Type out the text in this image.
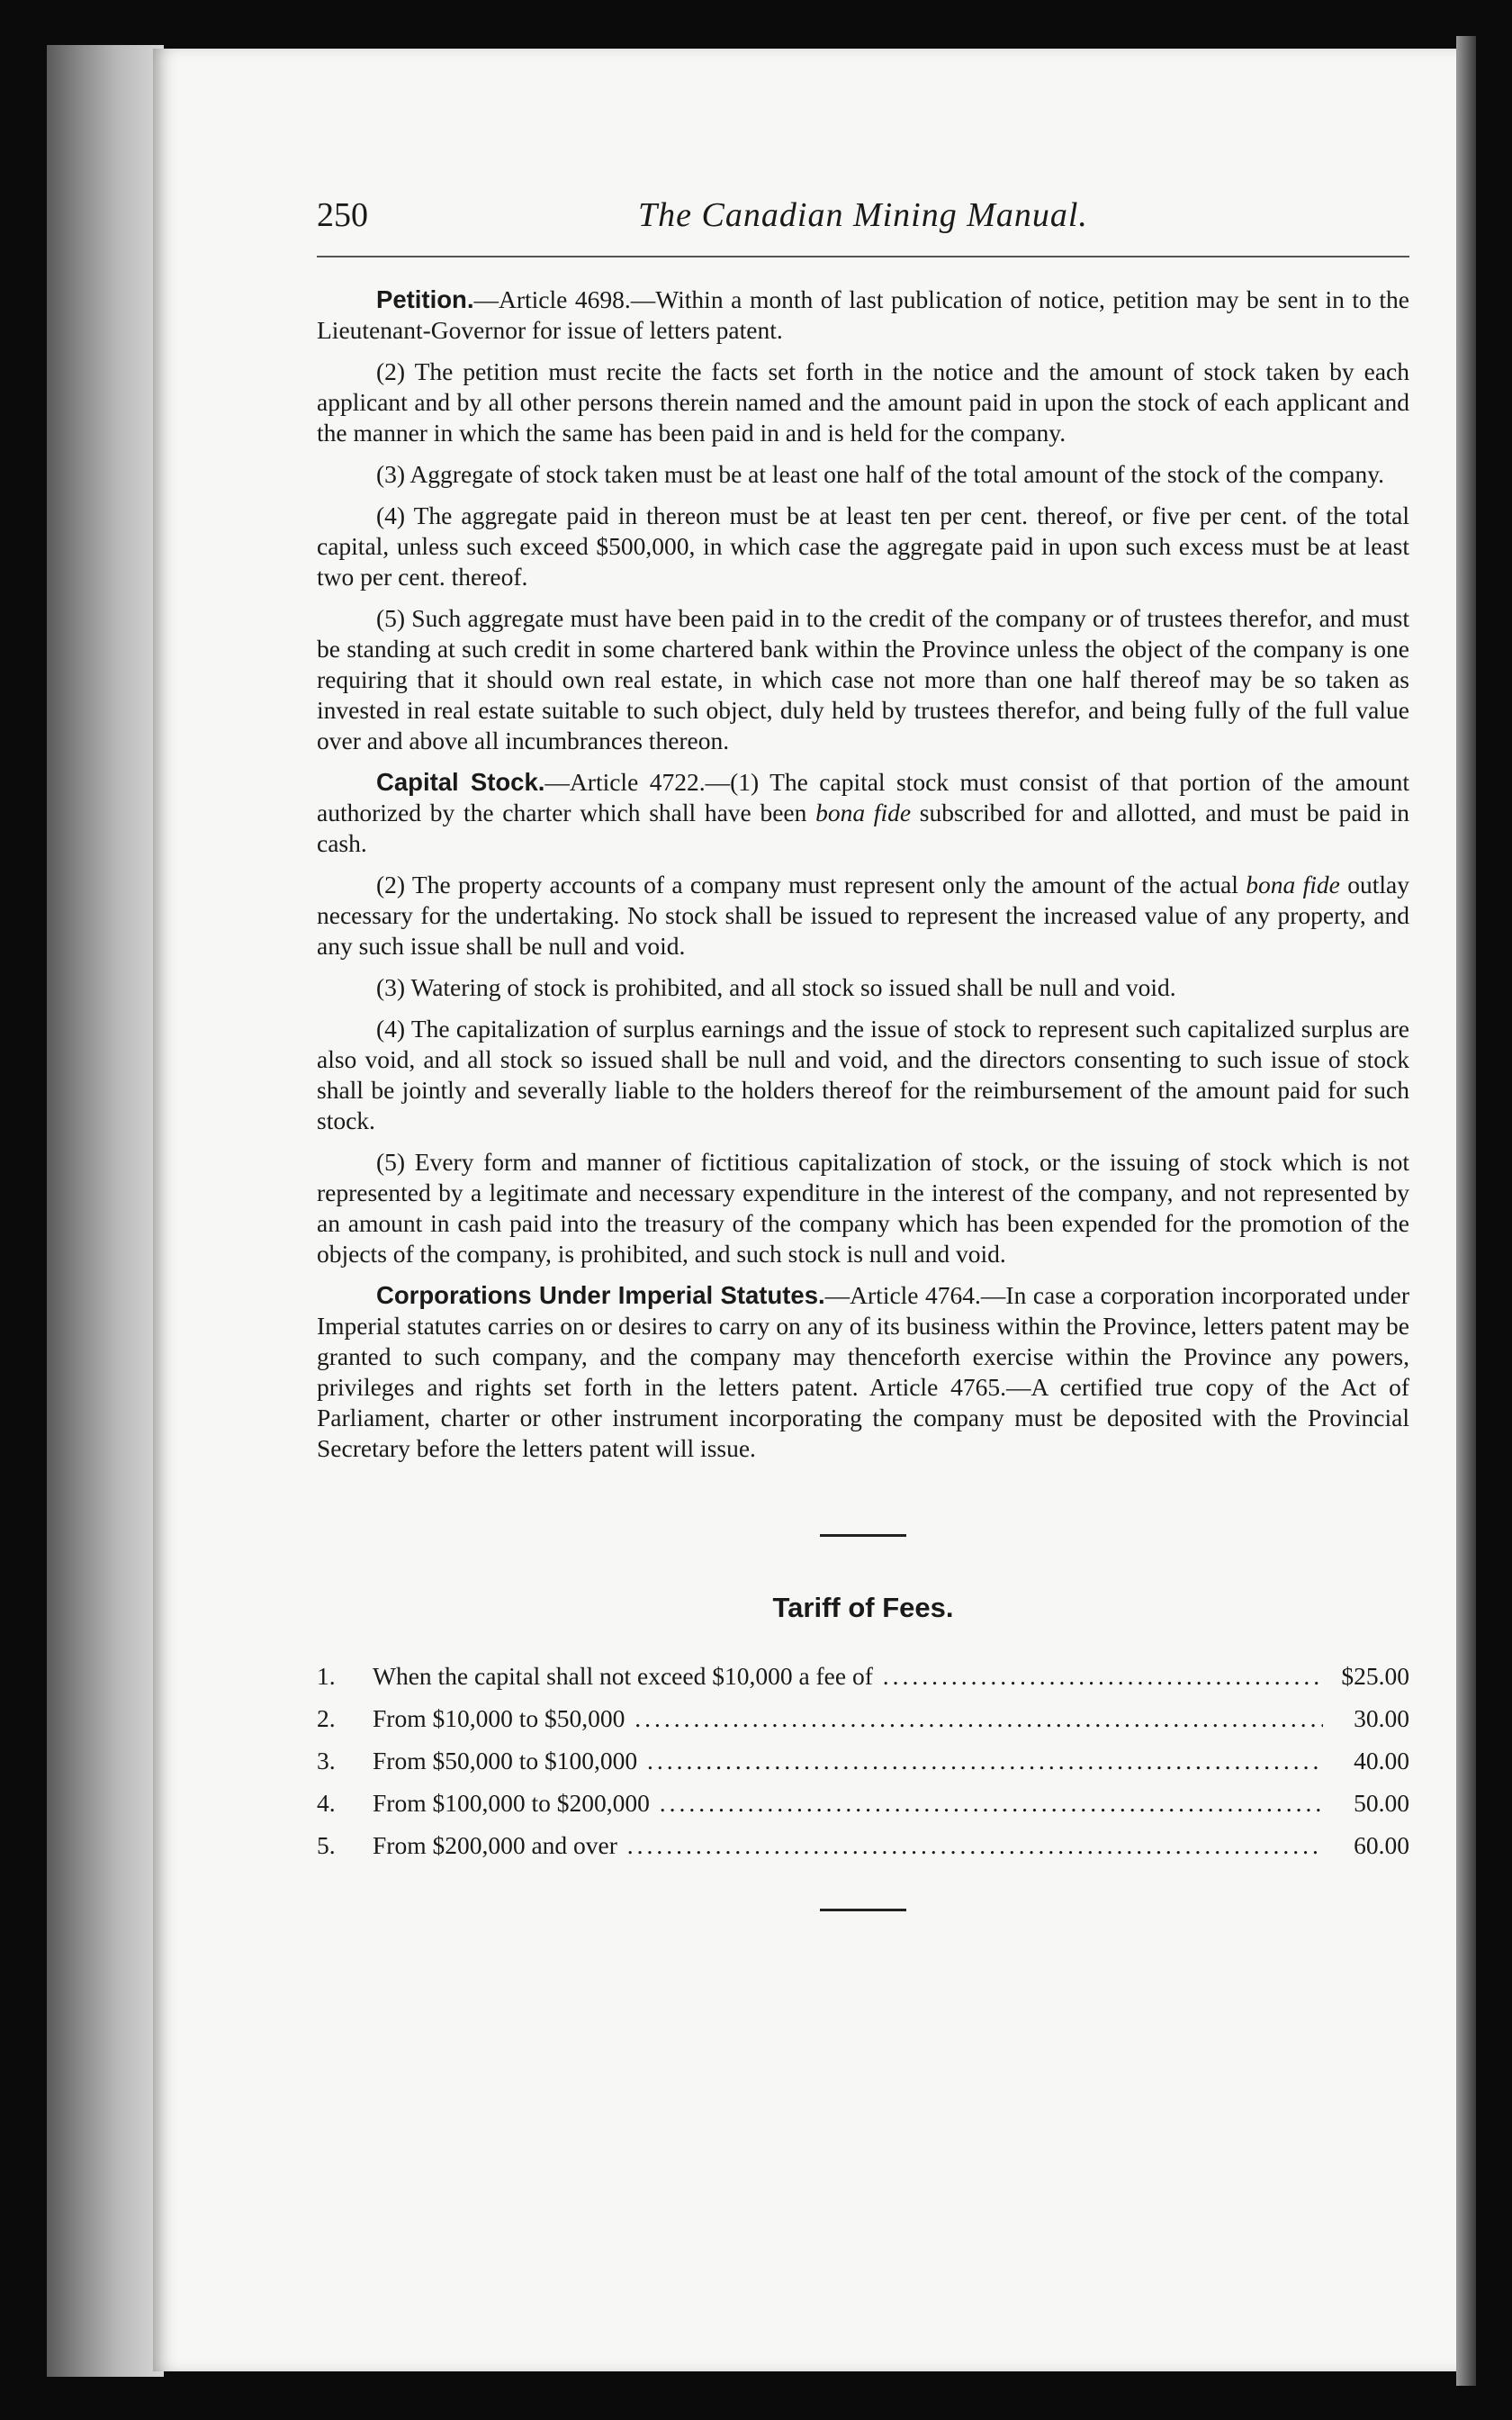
250	The Canadian Mining Manual.

Petition.—Article 4698.—Within a month of last publication of notice, petition may be sent in to the Lieutenant-Governor for issue of letters patent.

(2) The petition must recite the facts set forth in the notice and the amount of stock taken by each applicant and by all other persons therein named and the amount paid in upon the stock of each applicant and the manner in which the same has been paid in and is held for the company.

(3) Aggregate of stock taken must be at least one half of the total amount of the stock of the company.

(4) The aggregate paid in thereon must be at least ten per cent. thereof, or five per cent. of the total capital, unless such exceed $500,000, in which case the aggregate paid in upon such excess must be at least two per cent. thereof.

(5) Such aggregate must have been paid in to the credit of the company or of trustees therefor, and must be standing at such credit in some chartered bank within the Province unless the object of the company is one requiring that it should own real estate, in which case not more than one half thereof may be so taken as invested in real estate suitable to such object, duly held by trustees therefor, and being fully of the full value over and above all incumbrances thereon.

Capital Stock.—Article 4722.—(1) The capital stock must consist of that portion of the amount authorized by the charter which shall have been bona fide subscribed for and allotted, and must be paid in cash.

(2) The property accounts of a company must represent only the amount of the actual bona fide outlay necessary for the undertaking. No stock shall be issued to represent the increased value of any property, and any such issue shall be null and void.

(3) Watering of stock is prohibited, and all stock so issued shall be null and void.

(4) The capitalization of surplus earnings and the issue of stock to represent such capitalized surplus are also void, and all stock so issued shall be null and void, and the directors consenting to such issue of stock shall be jointly and severally liable to the holders thereof for the reimbursement of the amount paid for such stock.

(5) Every form and manner of fictitious capitalization of stock, or the issuing of stock which is not represented by a legitimate and necessary expenditure in the interest of the company, and not represented by an amount in cash paid into the treasury of the company which has been expended for the promotion of the objects of the company, is prohibited, and such stock is null and void.

Corporations Under Imperial Statutes.—Article 4764.—In case a corporation incorporated under Imperial statutes carries on or desires to carry on any of its business within the Province, letters patent may be granted to such company, and the company may thenceforth exercise within the Province any powers, privileges and rights set forth in the letters patent. Article 4765.—A certified true copy of the Act of Parliament, charter or other instrument incorporating the company must be deposited with the Provincial Secretary before the letters patent will issue.

Tariff of Fees.
1.	When the capital shall not exceed $10,000 a fee of .....	$25.00
2.	From $10,000 to $50,000 .....	30.00
3.	From $50,000 to $100,000 .....	40.00
4.	From $100,000 to $200,000 .....	50.00
5.	From $200,000 and over .....	60.00
